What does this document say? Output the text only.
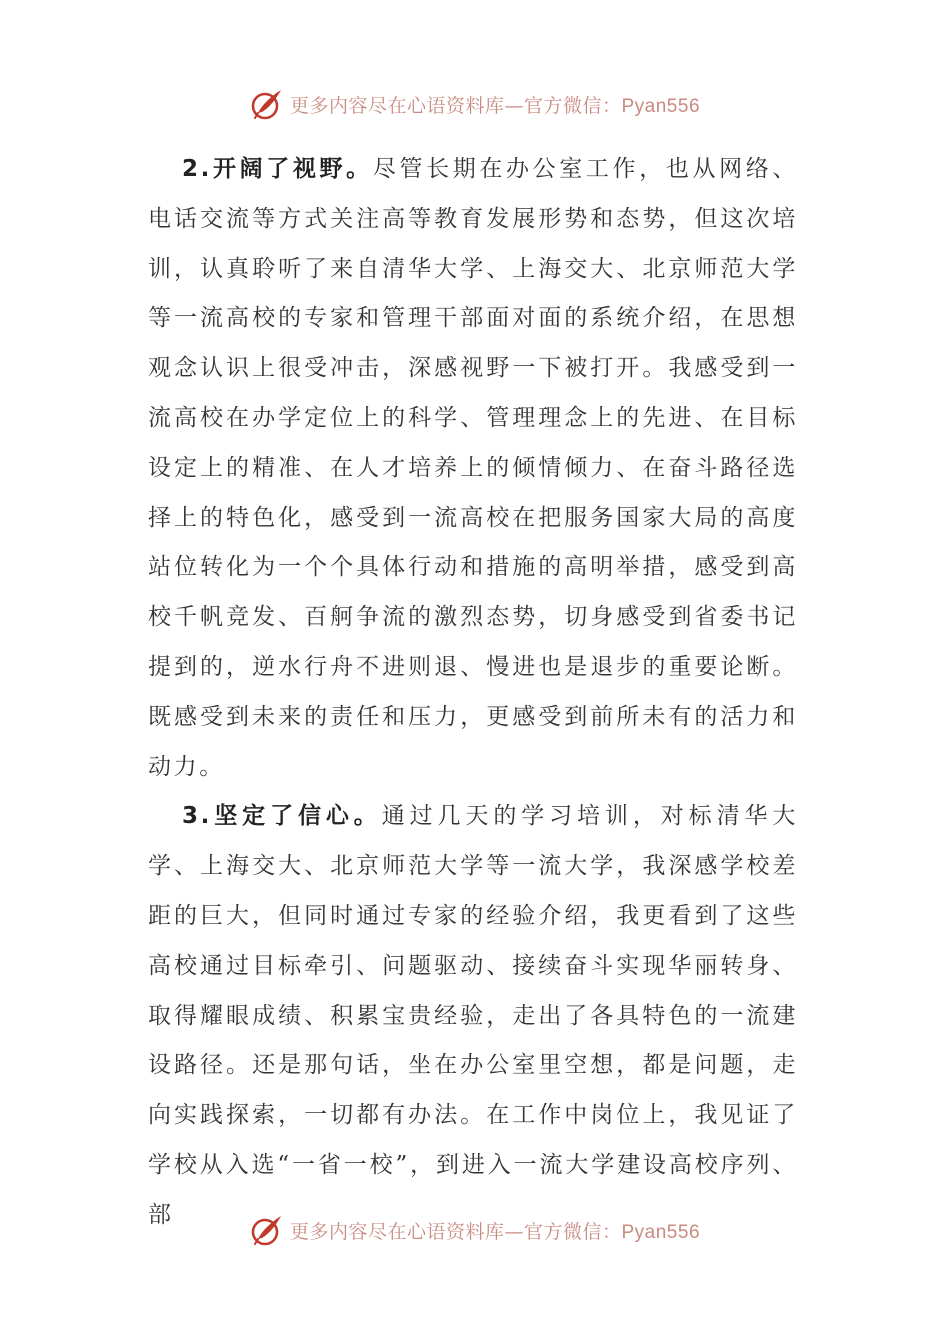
更多内容尽在心语资料库—官方微信：Pyan556

2.开阔了视野。尽管长期在办公室工作，也从网络、电话交流等方式关注高等教育发展形势和态势，但这次培训，认真聆听了来自清华大学、上海交大、北京师范大学等一流高校的专家和管理干部面对面的系统介绍，在思想观念认识上很受冲击，深感视野一下被打开。我感受到一流高校在办学定位上的科学、管理理念上的先进、在目标设定上的精准、在人才培养上的倾情倾力、在奋斗路径选择上的特色化，感受到一流高校在把服务国家大局的高度站位转化为一个个具体行动和措施的高明举措，感受到高校千帆竞发、百舸争流的激烈态势，切身感受到省委书记提到的，逆水行舟不进则退、慢进也是退步的重要论断。既感受到未来的责任和压力，更感受到前所未有的活力和动力。

3.坚定了信心。通过几天的学习培训，对标清华大学、上海交大、北京师范大学等一流大学，我深感学校差距的巨大，但同时通过专家的经验介绍，我更看到了这些高校通过目标牵引、问题驱动、接续奋斗实现华丽转身、取得耀眼成绩、积累宝贵经验，走出了各具特色的一流建设路径。还是那句话，坐在办公室里空想，都是问题，走向实践探索，一切都有办法。在工作中岗位上，我见证了学校从入选“一省一校”，到进入一流大学建设高校序列、部

更多内容尽在心语资料库—官方微信：Pyan556
